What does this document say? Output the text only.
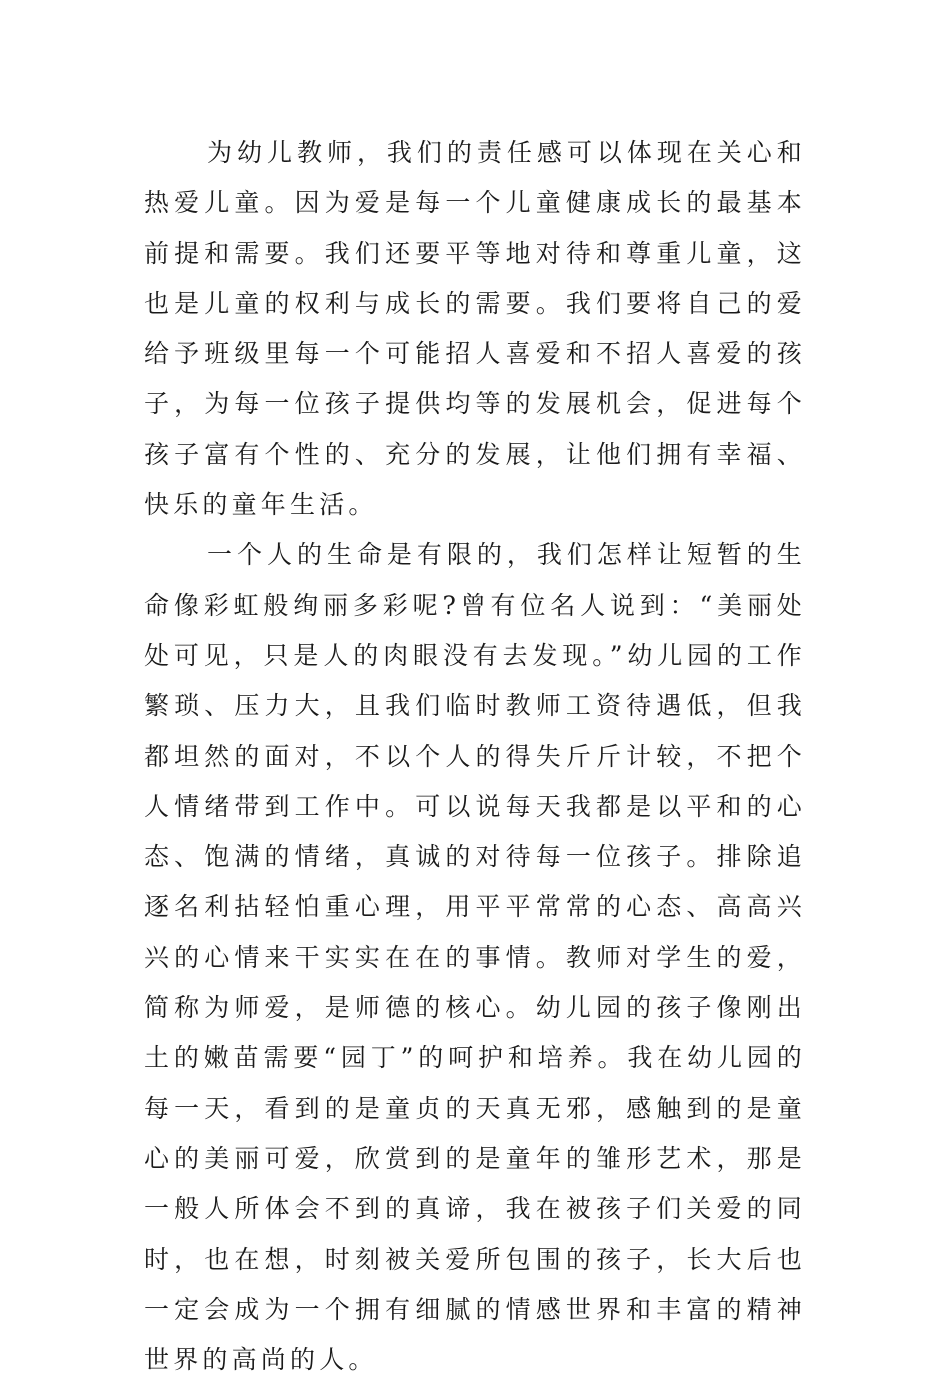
为幼儿教师，我们的责任感可以体现在关心和热爱儿童。因为爱是每一个儿童健康成长的最基本前提和需要。我们还要平等地对待和尊重儿童，这也是儿童的权利与成长的需要。我们要将自己的爱给予班级里每一个可能招人喜爱和不招人喜爱的孩子，为每一位孩子提供均等的发展机会，促进每个孩子富有个性的、充分的发展，让他们拥有幸福、快乐的童年生活。

一个人的生命是有限的，我们怎样让短暂的生命像彩虹般绚丽多彩呢?曾有位名人说到：“美丽处处可见，只是人的肉眼没有去发现。”幼儿园的工作繁琐、压力大，且我们临时教师工资待遇低，但我都坦然的面对，不以个人的得失斤斤计较，不把个人情绪带到工作中。可以说每天我都是以平和的心态、饱满的情绪，真诚的对待每一位孩子。排除追逐名利拈轻怕重心理，用平平常常的心态、高高兴兴的心情来干实实在在的事情。教师对学生的爱，简称为师爱，是师德的核心。幼儿园的孩子像刚出土的嫩苗需要“园丁”的呵护和培养。我在幼儿园的每一天，看到的是童贞的天真无邪，感触到的是童心的美丽可爱，欣赏到的是童年的雏形艺术，那是一般人所体会不到的真谛，我在被孩子们关爱的同时，也在想，时刻被关爱所包围的孩子，长大后也一定会成为一个拥有细腻的情感世界和丰富的精神世界的高尚的人。
